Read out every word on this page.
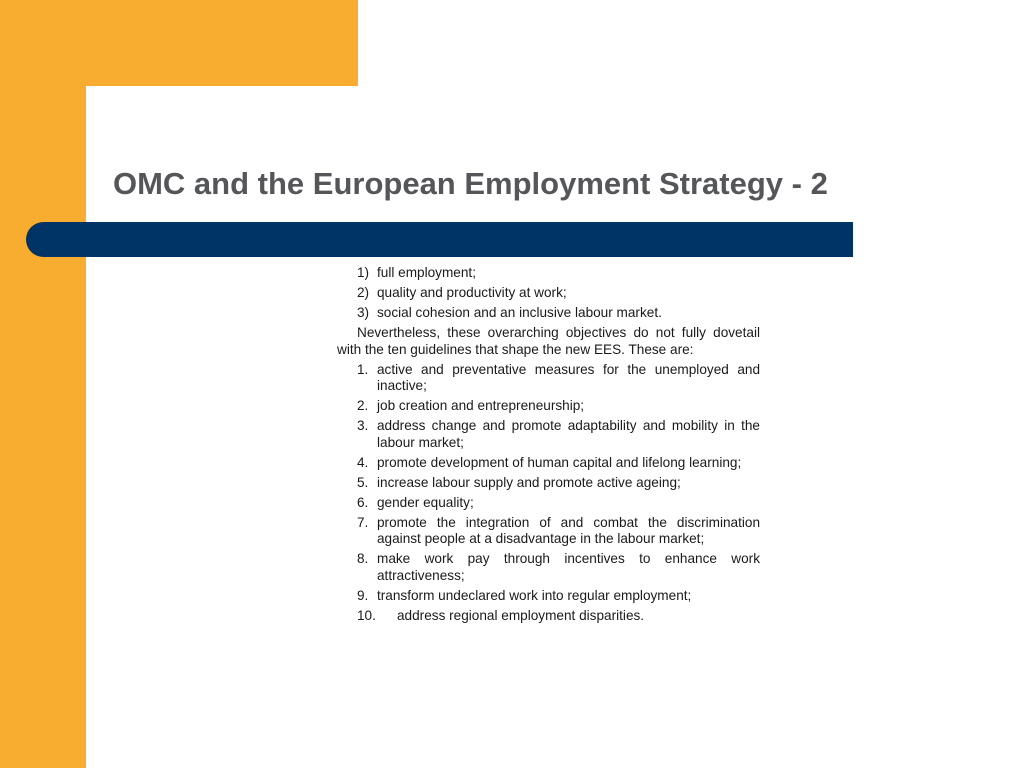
OMC and the European Employment Strategy - 2
1) full employment;
2) quality and productivity at work;
3) social cohesion and an inclusive labour market.
Nevertheless, these overarching objectives do not fully dovetail with the ten guidelines that shape the new EES. These are:
1. active and preventative measures for the unemployed and inactive;
2. job creation and entrepreneurship;
3. address change and promote adaptability and mobility in the labour market;
4. promote development of human capital and lifelong learning;
5. increase labour supply and promote active ageing;
6. gender equality;
7. promote the integration of and combat the discrimination against people at a disadvantage in the labour market;
8. make work pay through incentives to enhance work attractiveness;
9. transform undeclared work into regular employment;
10.	address regional employment disparities.
